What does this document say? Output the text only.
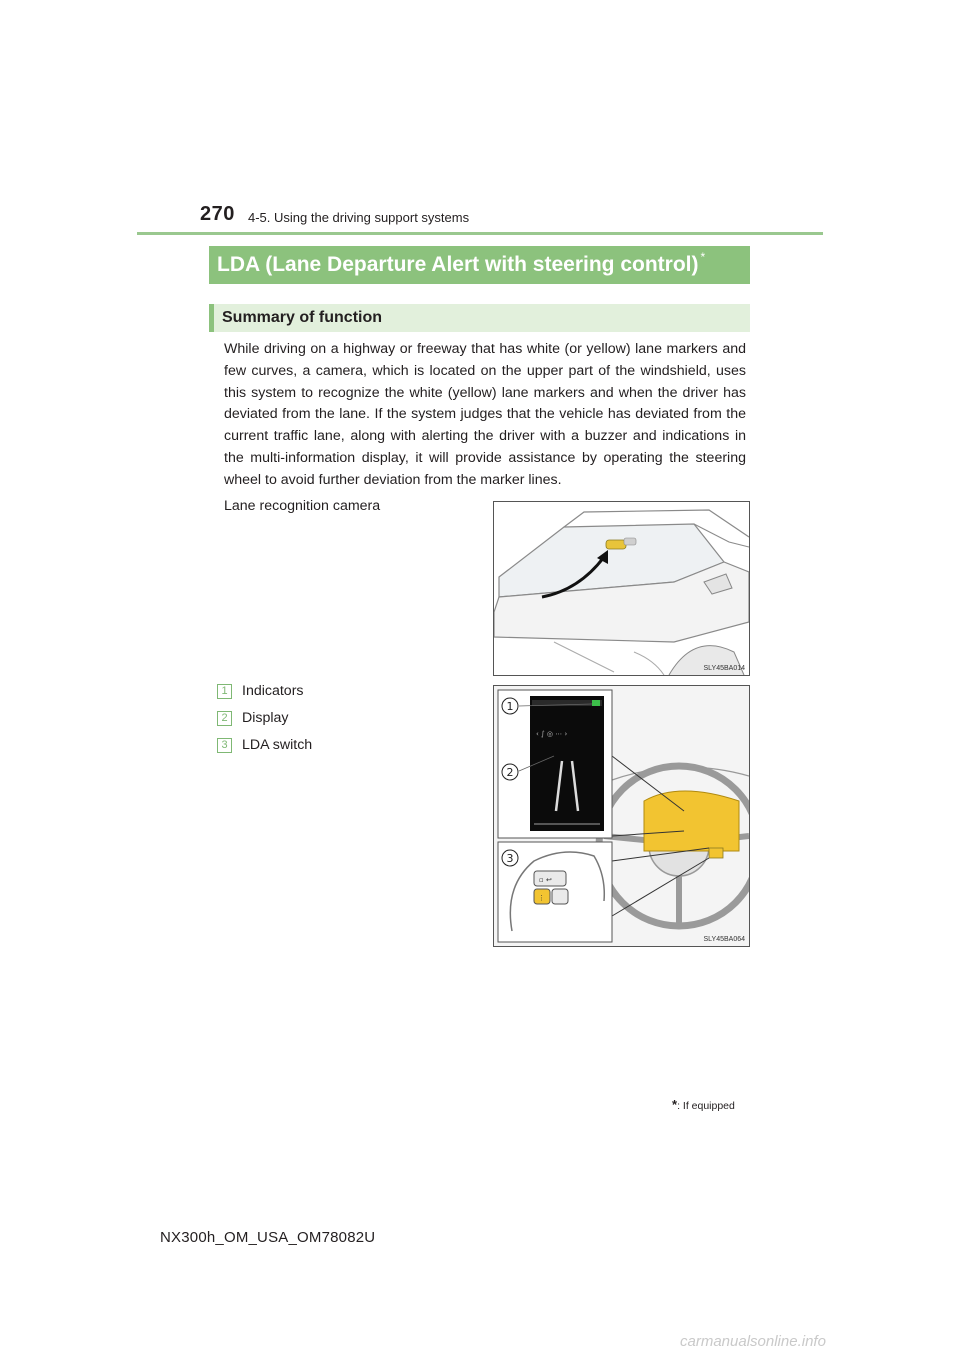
270 4-5. Using the driving support systems
LDA (Lane Departure Alert with steering control) *
Summary of function

While driving on a highway or freeway that has white (or yellow) lane markers and few curves, a camera, which is located on the upper part of the windshield, uses this system to recognize the white (yellow) lane markers and when the driver has deviated from the lane. If the system judges that the vehicle has deviated from the current traffic lane, along with alerting the driver with a buzzer and indications in the multi-information display, it will provide assistance by operating the steering wheel to avoid further deviation from the marker lines.

Lane recognition camera
1	Indicators
2	Display
3	LDA switch
SLY45BA014
‹ ∫ ◎ ⋯ ›
▫ ↩
⋮
1
2
3
SLY45BA064
*: If equipped
NX300h_OM_USA_OM78082U
carmanualsonline.info
